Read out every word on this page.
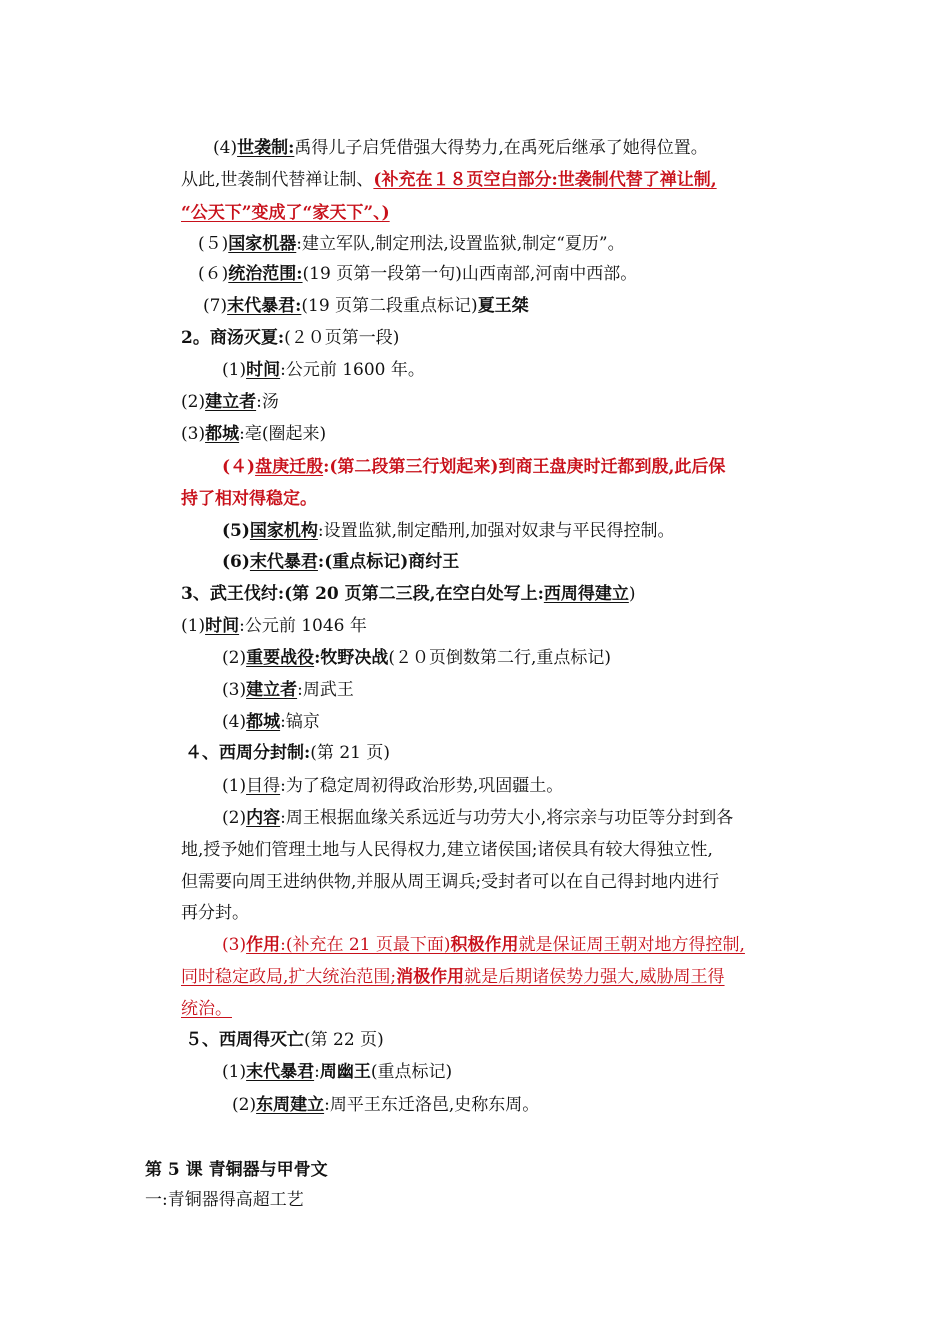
(4)世袭制:禹得儿子启凭借强大得势力,在禹死后继承了她得位置。
从此,世袭制代替禅让制、(补充在１８页空白部分:世袭制代替了禅让制,
“公天下”变成了“家天下”、)
(５)国家机器:建立军队,制定刑法,设置监狱,制定“夏历”。
(６)统治范围:(19 页第一段第一句)山西南部,河南中西部。
(7)末代暴君:(19 页第二段重点标记)夏王桀
2。商汤灭夏:(２０页第一段)
(1)时间:公元前 1600 年。
(2)建立者:汤
(3)都城:亳(圈起来)
(４)盘庚迁殷:(第二段第三行划起来)到商王盘庚时迁都到殷,此后保
持了相对得稳定。
(5)国家机构:设置监狱,制定酷刑,加强对奴隶与平民得控制。
(6)末代暴君:(重点标记)商纣王
3、武王伐纣:(第 20 页第二三段,在空白处写上:西周得建立)
(1)时间:公元前 1046 年
(2)重要战役:牧野决战(２０页倒数第二行,重点标记)
(3)建立者:周武王
(4)都城:镐京
４、西周分封制:(第 21 页)
(1)目得:为了稳定周初得政治形势,巩固疆土。
(2)内容:周王根据血缘关系远近与功劳大小,将宗亲与功臣等分封到各
地,授予她们管理土地与人民得权力,建立诸侯国;诸侯具有较大得独立性,
但需要向周王进纳供物,并服从周王调兵;受封者可以在自己得封地内进行
再分封。
(3)作用:(补充在 21 页最下面)积极作用就是保证周王朝对地方得控制,
同时稳定政局,扩大统治范围;消极作用就是后期诸侯势力强大,威胁周王得
统治。
５、西周得灭亡(第 22 页)
(1)末代暴君:周幽王(重点标记)
(2)东周建立:周平王东迁洛邑,史称东周。
第 5 课 青铜器与甲骨文
一:青铜器得高超工艺
